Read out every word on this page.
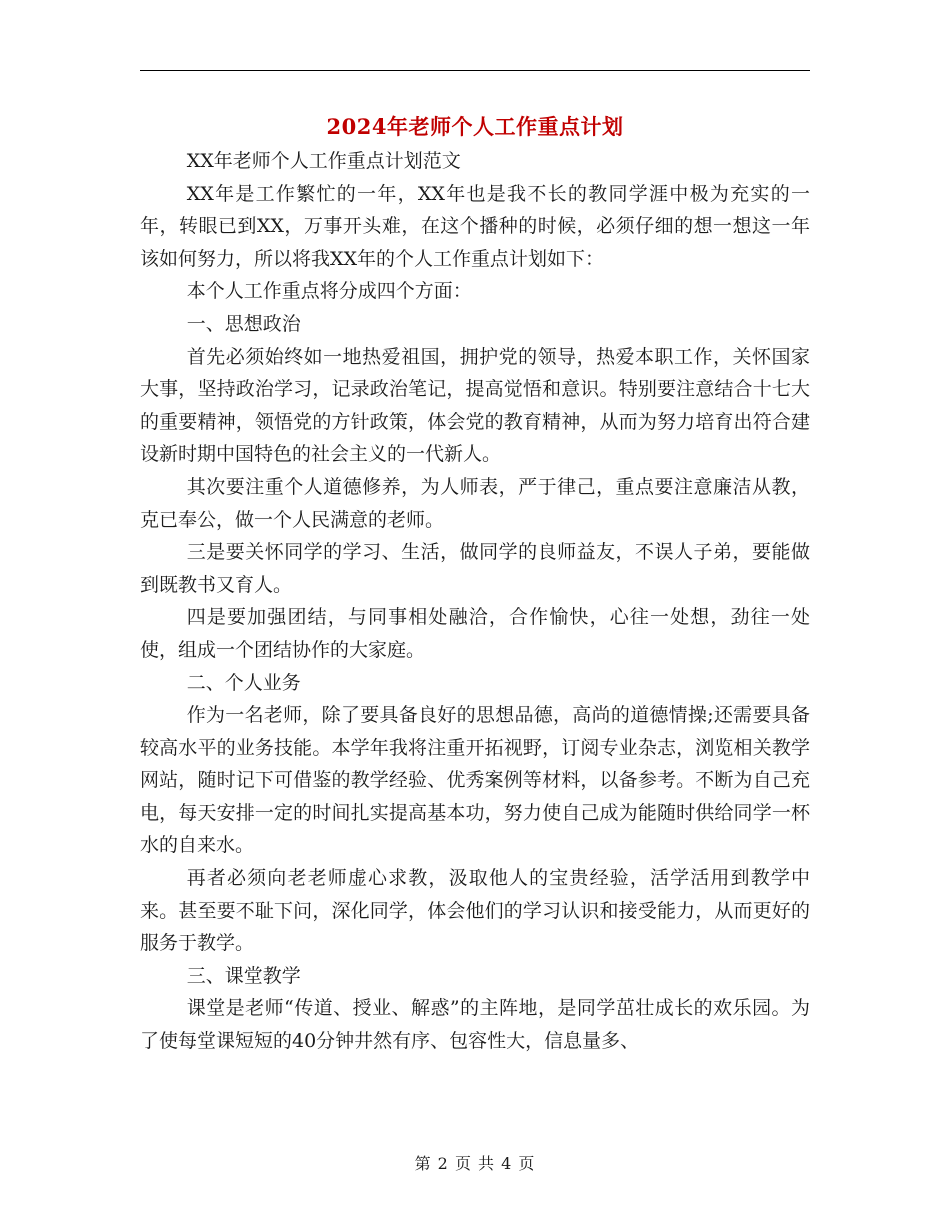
2024年老师个人工作重点计划

XX年老师个人工作重点计划范文

XX年是工作繁忙的一年，XX年也是我不长的教同学涯中极为充实的一年，转眼已到XX，万事开头难，在这个播种的时候，必须仔细的想一想这一年该如何努力，所以将我XX年的个人工作重点计划如下：

本个人工作重点将分成四个方面：

一、思想政治

首先必须始终如一地热爱祖国，拥护党的领导，热爱本职工作，关怀国家大事，坚持政治学习，记录政治笔记，提高觉悟和意识。特别要注意结合十七大的重要精神，领悟党的方针政策，体会党的教育精神，从而为努力培育出符合建设新时期中国特色的社会主义的一代新人。

其次要注重个人道德修养，为人师表，严于律己，重点要注意廉洁从教，克已奉公，做一个人民满意的老师。

三是要关怀同学的学习、生活，做同学的良师益友，不误人子弟，要能做到既教书又育人。

四是要加强团结，与同事相处融洽，合作愉快，心往一处想，劲往一处使，组成一个团结协作的大家庭。

二、个人业务

作为一名老师，除了要具备良好的思想品德，高尚的道德情操;还需要具备较高水平的业务技能。本学年我将注重开拓视野，订阅专业杂志，浏览相关教学网站，随时记下可借鉴的教学经验、优秀案例等材料，以备参考。不断为自己充电，每天安排一定的时间扎实提高基本功，努力使自己成为能随时供给同学一杯水的自来水。

再者必须向老老师虚心求教，汲取他人的宝贵经验，活学活用到教学中来。甚至要不耻下问，深化同学，体会他们的学习认识和接受能力，从而更好的服务于教学。

三、课堂教学

课堂是老师“传道、授业、解惑”的主阵地，是同学茁壮成长的欢乐园。为了使每堂课短短的40分钟井然有序、包容性大，信息量多、

第 2 页 共 4 页
